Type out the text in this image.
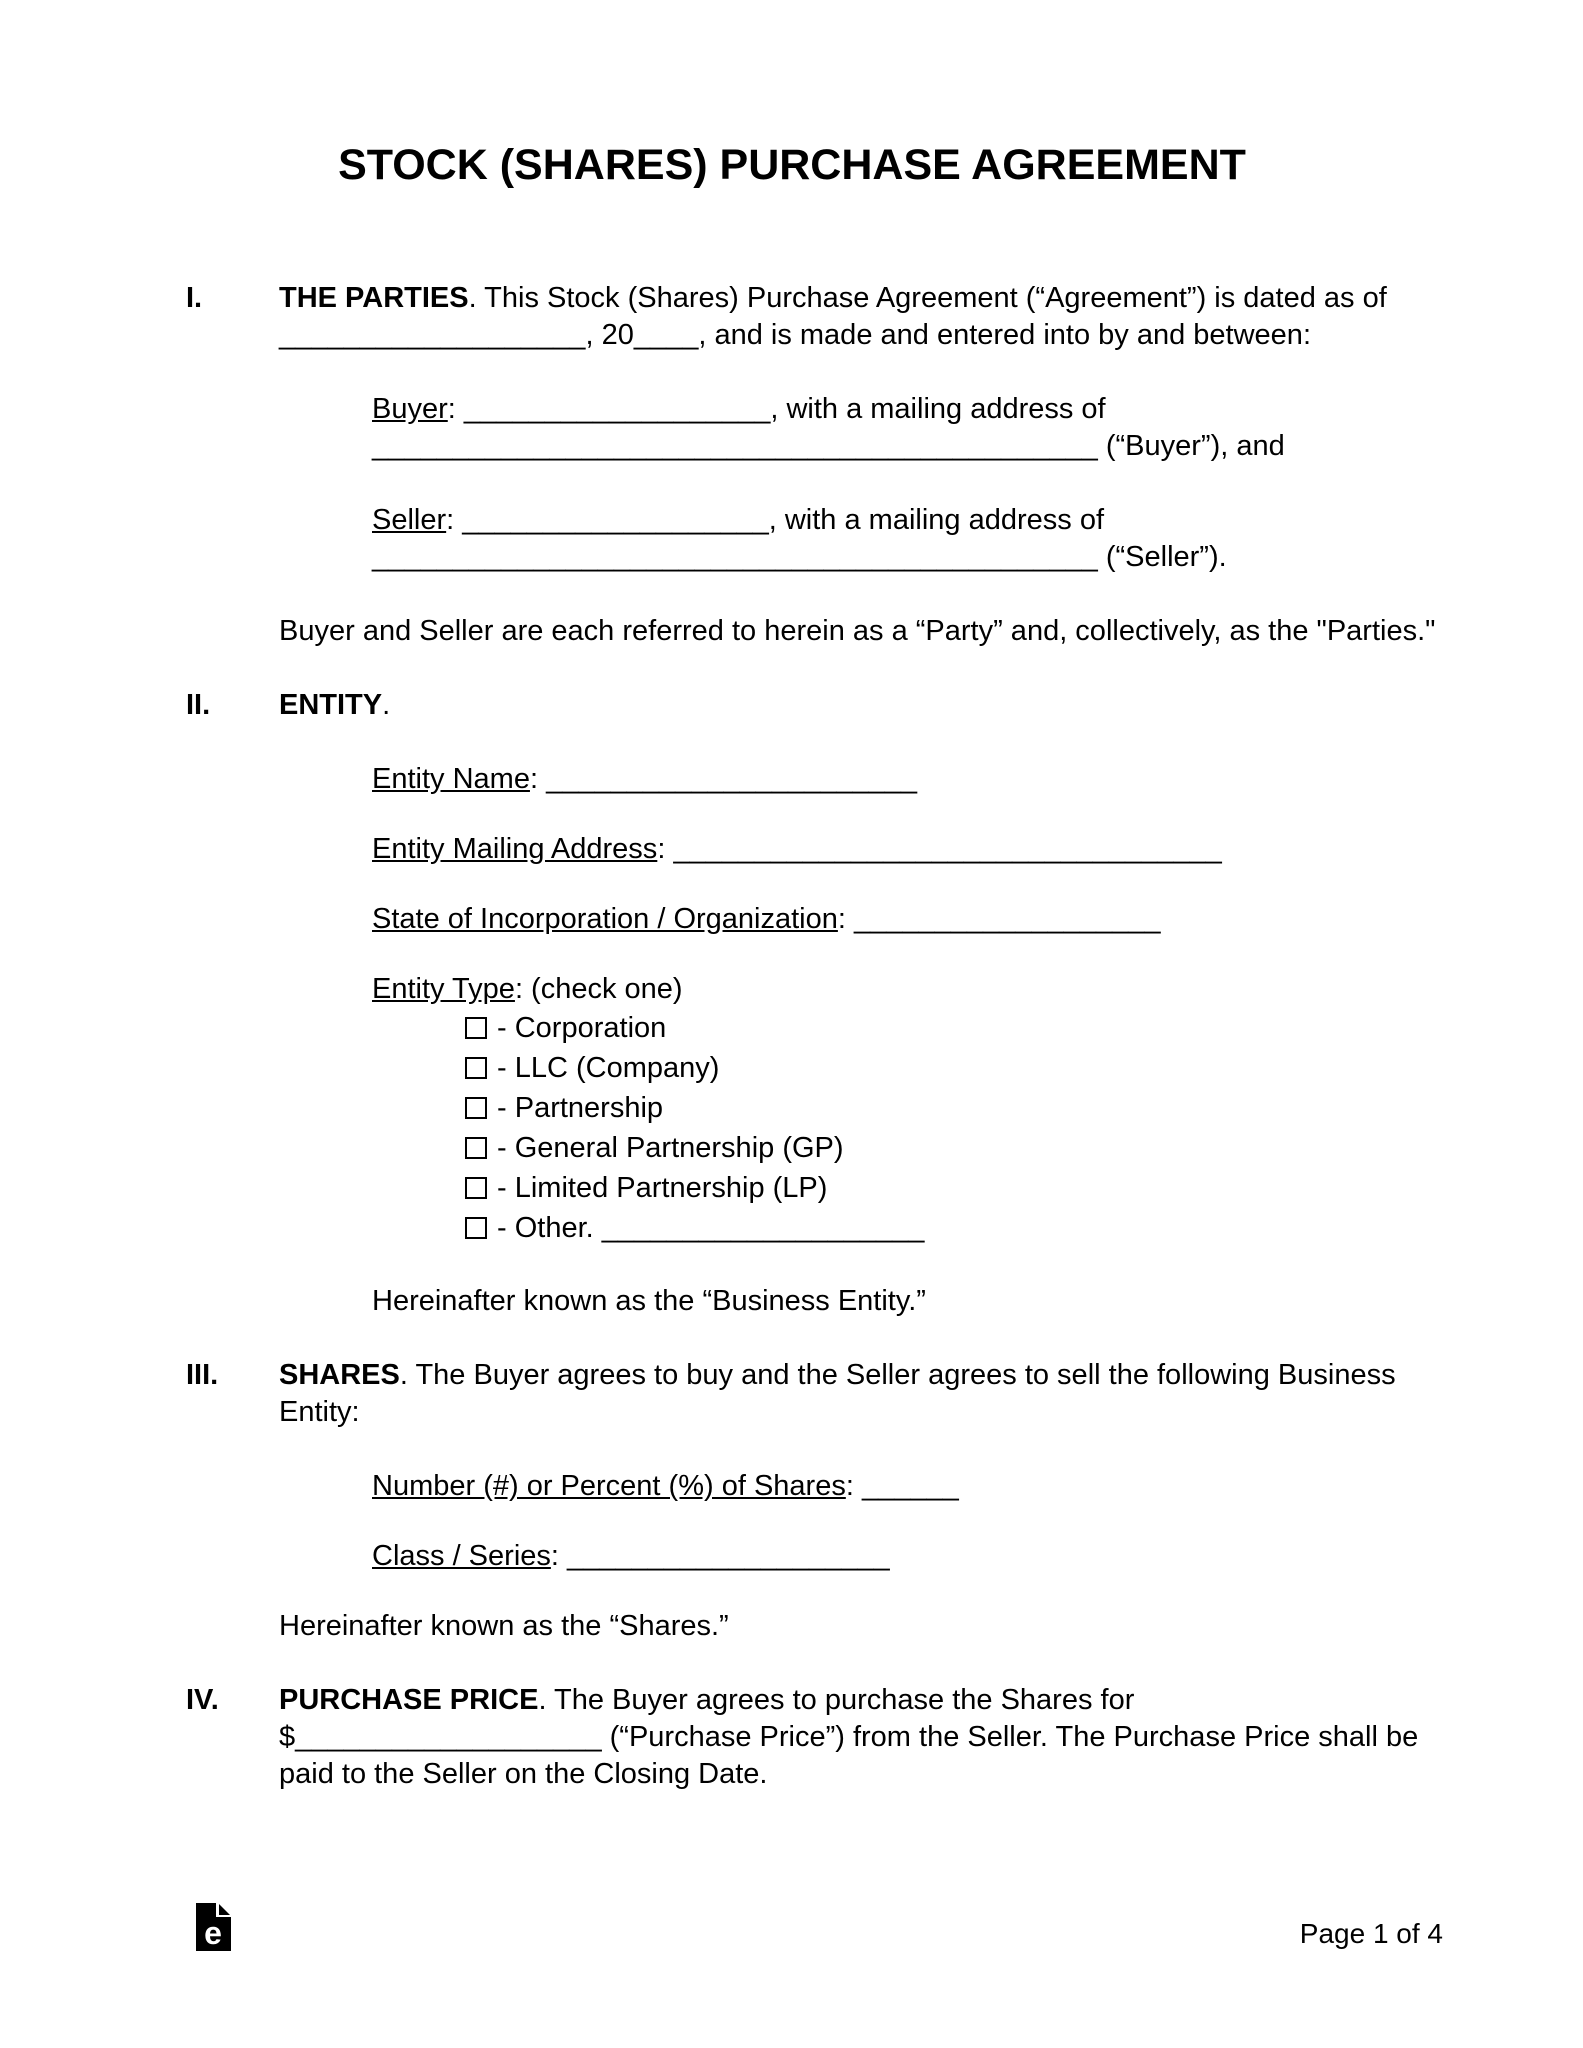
STOCK (SHARES) PURCHASE AGREEMENT
I.	THE PARTIES. This Stock (Shares) Purchase Agreement (“Agreement”) is dated as of ___________________, 20____, and is made and entered into by and between:

Buyer: ___________________, with a mailing address of _____________________________________________ (“Buyer”), and

Seller: ___________________, with a mailing address of _____________________________________________ (“Seller”).

Buyer and Seller are each referred to herein as a “Party” and, collectively, as the "Parties."

II.	ENTITY.

Entity Name: _______________________
Entity Mailing Address: __________________________________
State of Incorporation / Organization: ___________________
Entity Type: (check one)
- Corporation
- LLC (Company)
- Partnership
- General Partnership (GP)
- Limited Partnership (LP)
- Other. ____________________

Hereinafter known as the “Business Entity.”

III.	SHARES. The Buyer agrees to buy and the Seller agrees to sell the following Business Entity:

Number (#) or Percent (%) of Shares: ______
Class / Series: ____________________

Hereinafter known as the “Shares.”

IV.	PURCHASE PRICE. The Buyer agrees to purchase the Shares for $___________________ (“Purchase Price”) from the Seller. The Purchase Price shall be paid to the Seller on the Closing Date.

e	Page 1 of 4
